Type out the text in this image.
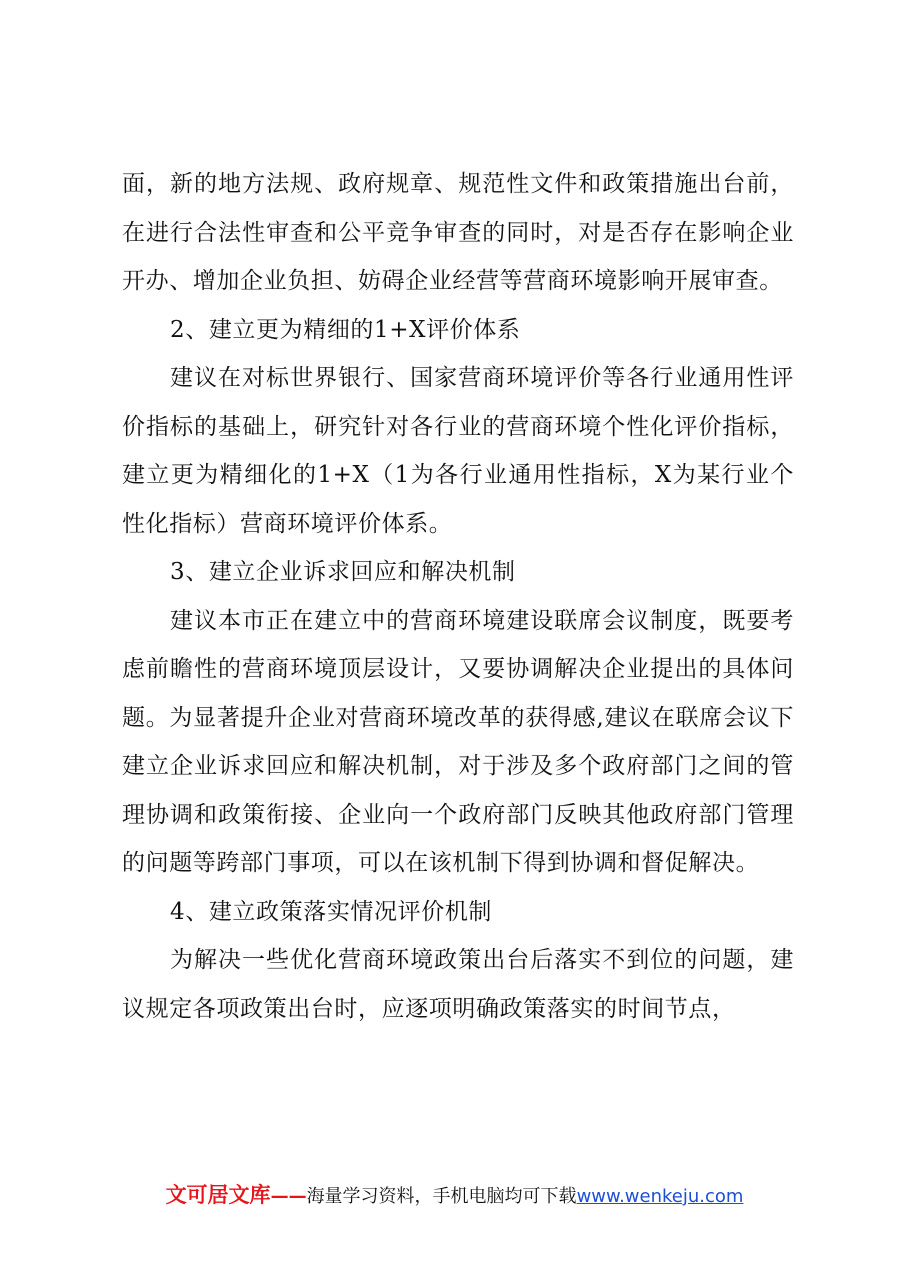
面，新的地方法规、政府规章、规范性文件和政策措施出台前，在进行合法性审查和公平竞争审查的同时，对是否存在影响企业开办、增加企业负担、妨碍企业经营等营商环境影响开展审查。

2、建立更为精细的1+X评价体系

建议在对标世界银行、国家营商环境评价等各行业通用性评价指标的基础上，研究针对各行业的营商环境个性化评价指标，建立更为精细化的1+X（1为各行业通用性指标，X为某行业个性化指标）营商环境评价体系。

3、建立企业诉求回应和解决机制

建议本市正在建立中的营商环境建设联席会议制度，既要考虑前瞻性的营商环境顶层设计，又要协调解决企业提出的具体问题。为显著提升企业对营商环境改革的获得感,建议在联席会议下建立企业诉求回应和解决机制，对于涉及多个政府部门之间的管理协调和政策衔接、企业向一个政府部门反映其他政府部门管理的问题等跨部门事项，可以在该机制下得到协调和督促解决。

4、建立政策落实情况评价机制

为解决一些优化营商环境政策出台后落实不到位的问题，建议规定各项政策出台时，应逐项明确政策落实的时间节点，

文可居文库——海量学习资料，手机电脑均可下载www.wenkeju.com
